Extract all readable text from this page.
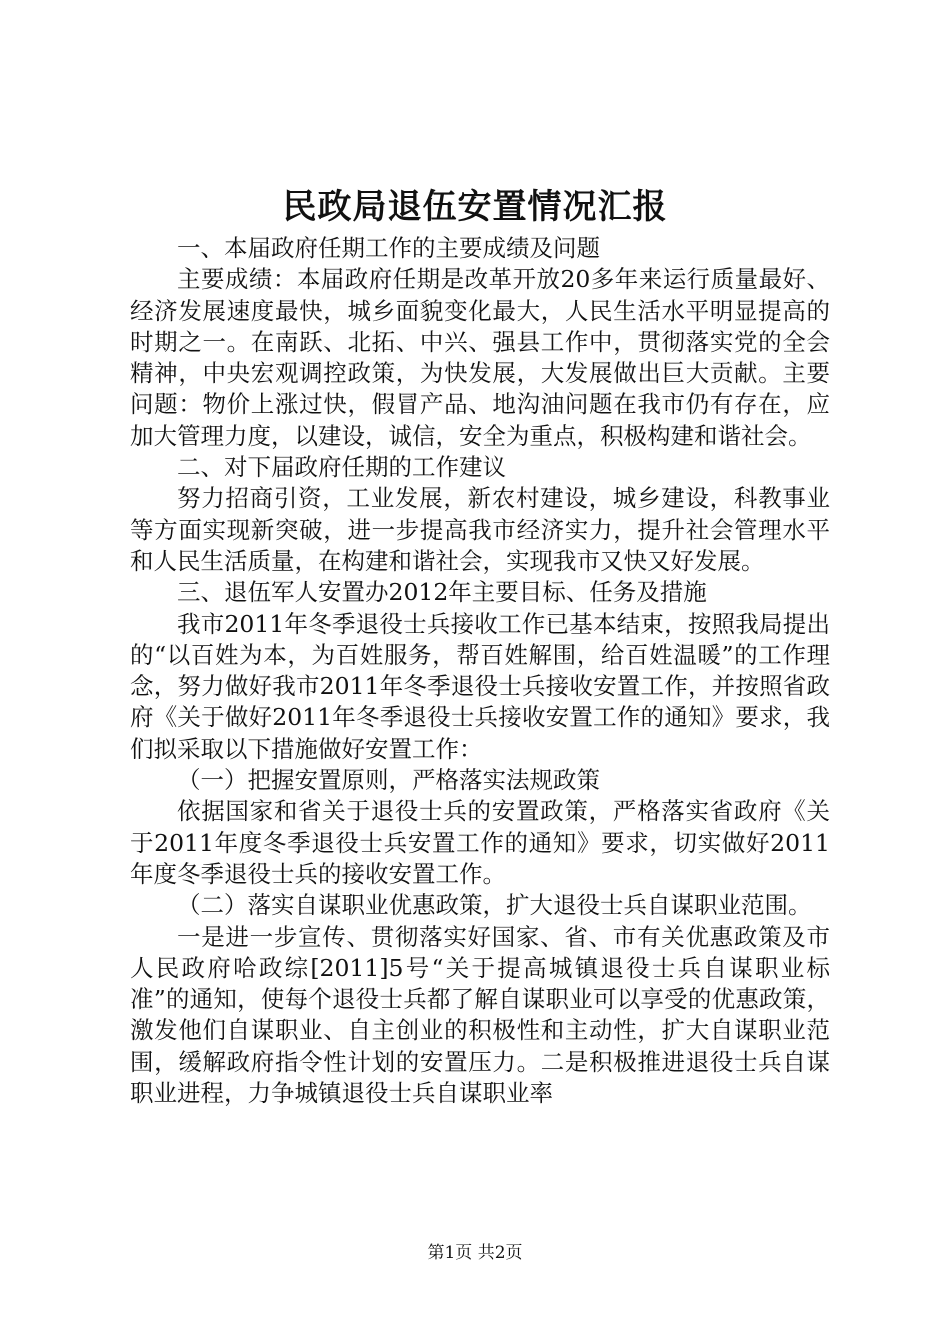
民政局退伍安置情况汇报

一、本届政府任期工作的主要成绩及问题

主要成绩：本届政府任期是改革开放20多年来运行质量最好、经济发展速度最快，城乡面貌变化最大，人民生活水平明显提高的时期之一。在南跃、北拓、中兴、强县工作中，贯彻落实党的全会精神，中央宏观调控政策，为快发展，大发展做出巨大贡献。主要问题：物价上涨过快，假冒产品、地沟油问题在我市仍有存在，应加大管理力度，以建设，诚信，安全为重点，积极构建和谐社会。

二、对下届政府任期的工作建议

努力招商引资，工业发展，新农村建设，城乡建设，科教事业等方面实现新突破，进一步提高我市经济实力，提升社会管理水平和人民生活质量，在构建和谐社会，实现我市又快又好发展。

三、退伍军人安置办2012年主要目标、任务及措施

我市2011年冬季退役士兵接收工作已基本结束，按照我局提出的“以百姓为本，为百姓服务，帮百姓解围，给百姓温暖”的工作理念，努力做好我市2011年冬季退役士兵接收安置工作，并按照省政府《关于做好2011年冬季退役士兵接收安置工作的通知》要求，我们拟采取以下措施做好安置工作：

（一）把握安置原则，严格落实法规政策

依据国家和省关于退役士兵的安置政策，严格落实省政府《关于2011年度冬季退役士兵安置工作的通知》要求，切实做好2011年度冬季退役士兵的接收安置工作。

（二）落实自谋职业优惠政策，扩大退役士兵自谋职业范围。

一是进一步宣传、贯彻落实好国家、省、市有关优惠政策及市人民政府哈政综[2011]5号“关于提高城镇退役士兵自谋职业标准”的通知，使每个退役士兵都了解自谋职业可以享受的优惠政策，激发他们自谋职业、自主创业的积极性和主动性，扩大自谋职业范围，缓解政府指令性计划的安置压力。二是积极推进退役士兵自谋职业进程，力争城镇退役士兵自谋职业率

第1页 共2页
